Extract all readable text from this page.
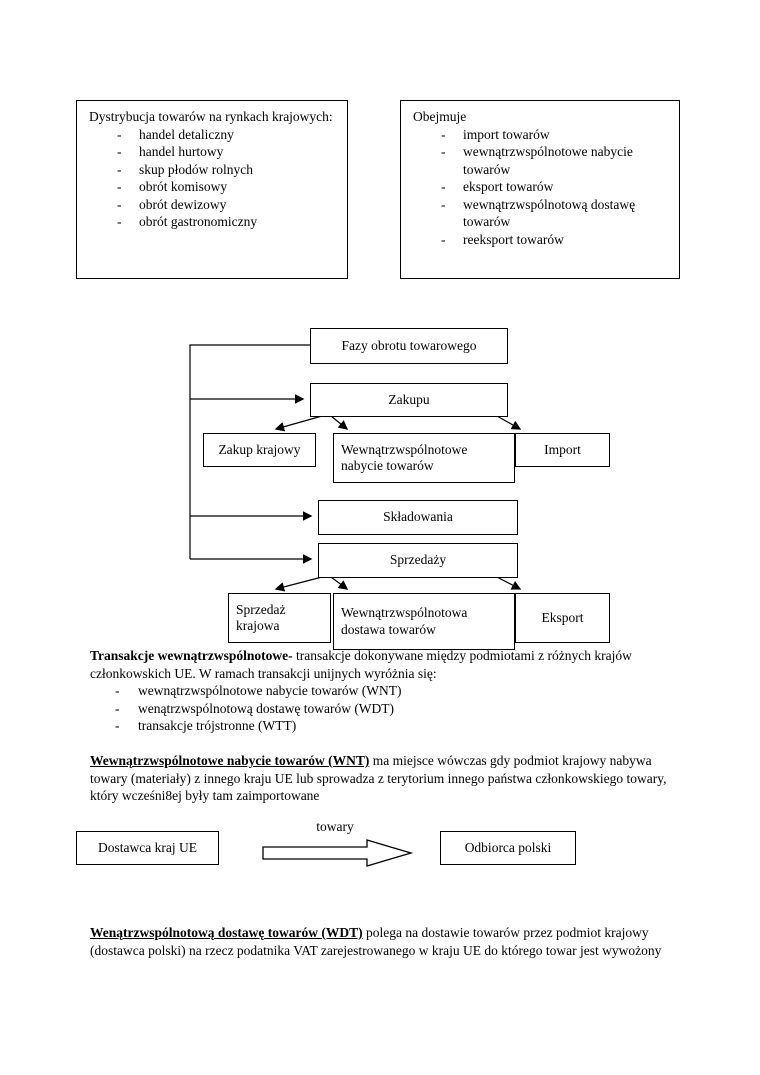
Dystrybucja towarów na rynkach krajowych:
-
handel detaliczny
-
handel hurtowy
-
skup płodów rolnych
-
obrót komisowy
-
obrót dewizowy
-
obrót gastronomiczny
Obejmuje
-
import towarów
-
wewnątrzwspólnotowe nabycie towarów
-
eksport towarów
-
wewnątrzwspólnotową dostawę towarów
-
reeksport towarów
Fazy obrotu towarowego
Zakupu
Zakup krajowy	Wewnątrzwspólnotowe nabycie towarów
Import
Składowania
Sprzedaży
Sprzedaż krajowa
Wewnątrzwspólnotowa dostawa towarów
Eksport
Transakcje wewnątrzwspólnotowe- transakcje dokonywane między podmiotami z różnych krajów członkowskich UE. W ramach transakcji unijnych wyróżnia się:
-
wewnątrzwspólnotowe nabycie towarów (WNT)
-
wenątrzwspólnotową dostawę towarów (WDT)
-
transakcje trójstronne (WTT)
Wewnątrzwspólnotowe nabycie towarów (WNT) ma miejsce wówczas gdy podmiot krajowy nabywa towary (materiały) z innego kraju UE lub sprowadza z terytorium innego państwa członkowskiego towary, który wcześni8ej były tam zaimportowane
Dostawca kraj UE
towary
Odbiorca polski
Wenątrzwspólnotową dostawę towarów (WDT) polega na dostawie towarów przez podmiot krajowy (dostawca polski) na rzecz podatnika VAT zarejestrowanego w kraju UE do którego towar jest wywożony
